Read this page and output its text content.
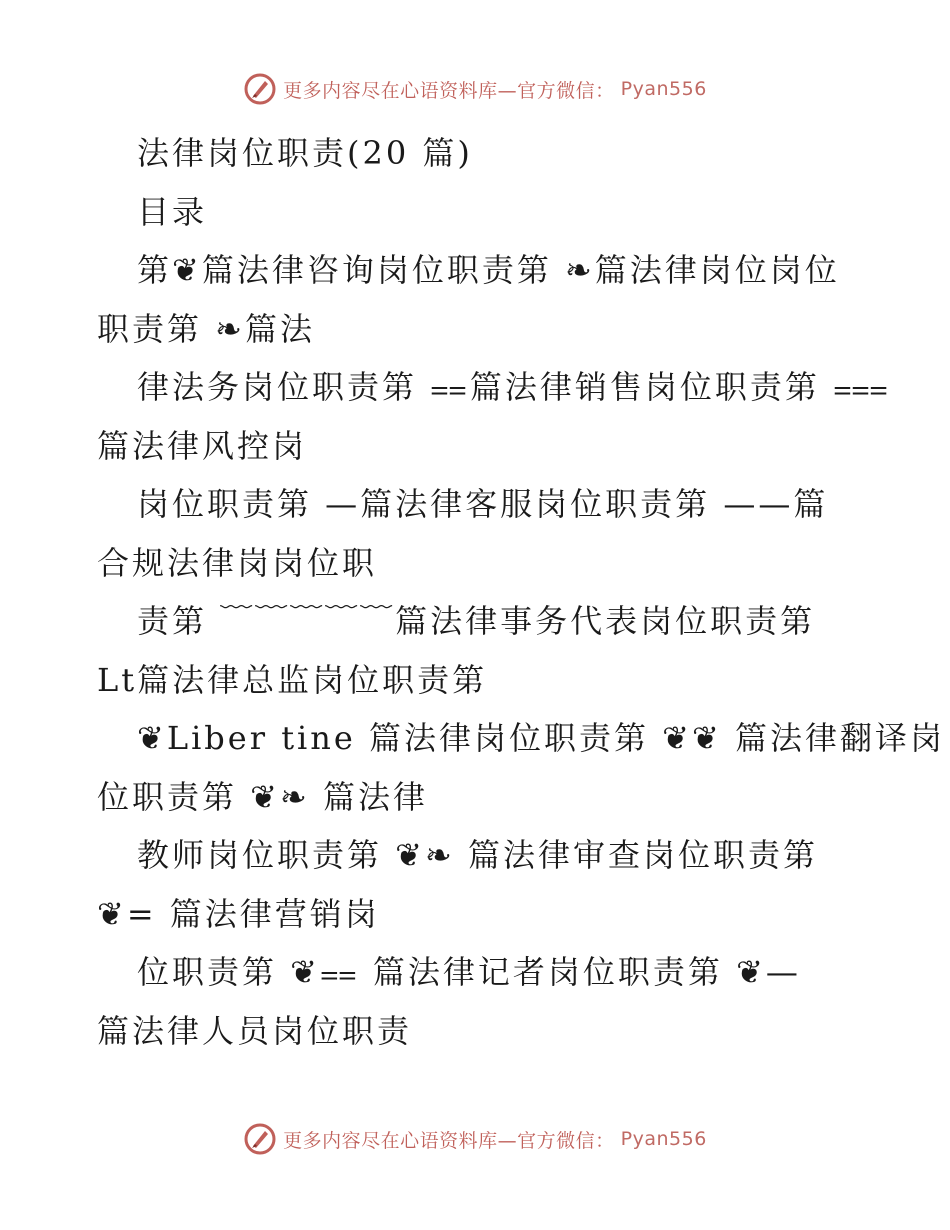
更多内容尽在心语资料库—官方微信： Pyan556
法律岗位职责(20 篇)
目录
第❦篇法律咨询岗位职责第 ❧篇法律岗位岗位
职责第 ❧篇法
律法务岗位职责第 ⩵篇法律销售岗位职责第 ⩶
篇法律风控岗
岗位职责第 —篇法律客服岗位职责第 ——篇
合规法律岗岗位职
责第 ﹋﹋﹋﹋﹋篇法律事务代表岗位职责第
Lt篇法律总监岗位职责第
❦Liber tine 篇法律岗位职责第 ❦❦ 篇法律翻译岗
位职责第 ❦❧ 篇法律
教师岗位职责第 ❦❧ 篇法律审查岗位职责第
❦= 篇法律营销岗
位职责第 ❦⩵ 篇法律记者岗位职责第 ❦—
篇法律人员岗位职责
更多内容尽在心语资料库—官方微信： Pyan556
